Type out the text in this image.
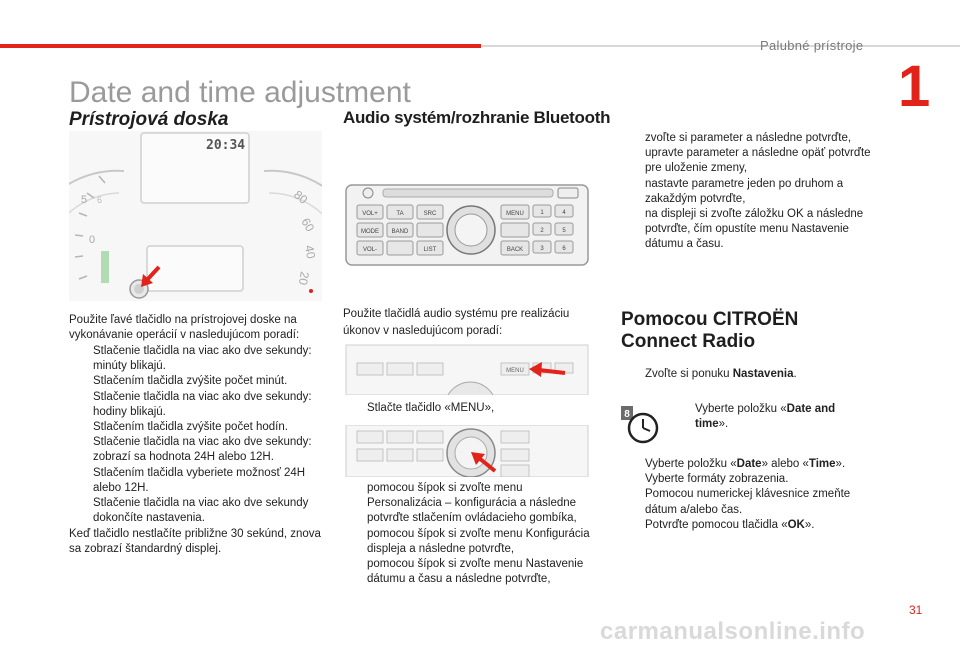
Palubné prístroje
1
Date and time adjustment
Prístrojová doska
5
0
6
20:34
80
60
40
20
Použite ľavé tlačidlo na prístrojovej doske na vykonávanie operácií v nasledujúcom poradí:
Stlačenie tlačidla na viac ako dve sekundy: minúty blikajú.
Stlačením tlačidla zvýšite počet minút.
Stlačenie tlačidla na viac ako dve sekundy: hodiny blikajú.
Stlačením tlačidla zvýšite počet hodín.
Stlačenie tlačidla na viac ako dve sekundy: zobrazí sa hodnota 24H alebo 12H.
Stlačením tlačidla vyberiete možnosť 24H alebo 12H.
Stlačenie tlačidla na viac ako dve sekundy dokončíte nastavenia.
Keď tlačidlo nestlačíte približne 30 sekúnd, znova sa zobrazí štandardný displej.
Audio systém/rozhranie Bluetooth
VOL+	TA	SRC
MODE BAND
VOL-	LIST
MENU
BACK
1	4
2	5
3	6
Použite tlačidlá audio systému pre realizáciu úkonov v nasledujúcom poradí:
MENU
Stlačte tlačidlo «MENU»,
pomocou šípok si zvoľte menu Personalizácia – konfigurácia a následne potvrďte stlačením ovládacieho gombíka,
pomocou šípok si zvoľte menu Konfigurácia displeja a následne potvrďte,
pomocou šípok si zvoľte menu Nastavenie dátumu a času a následne potvrďte,
zvoľte si parameter a následne potvrďte,
upravte parameter a následne opäť potvrďte pre uloženie zmeny,
nastavte parametre jeden po druhom a zakaždým potvrďte,
na displeji si zvoľte záložku OK a následne potvrďte, čím opustíte menu Nastavenie dátumu a času.
Pomocou CITROËN Connect Radio
Zvoľte si ponuku Nastavenia.
8	Vyberte položku «Date and time».
Vyberte položku «Date» alebo «Time».
Vyberte formáty zobrazenia.
Pomocou numerickej klávesnice zmeňte dátum a/alebo čas.
Potvrďte pomocou tlačidla «OK».
31
carmanualsonline.info
